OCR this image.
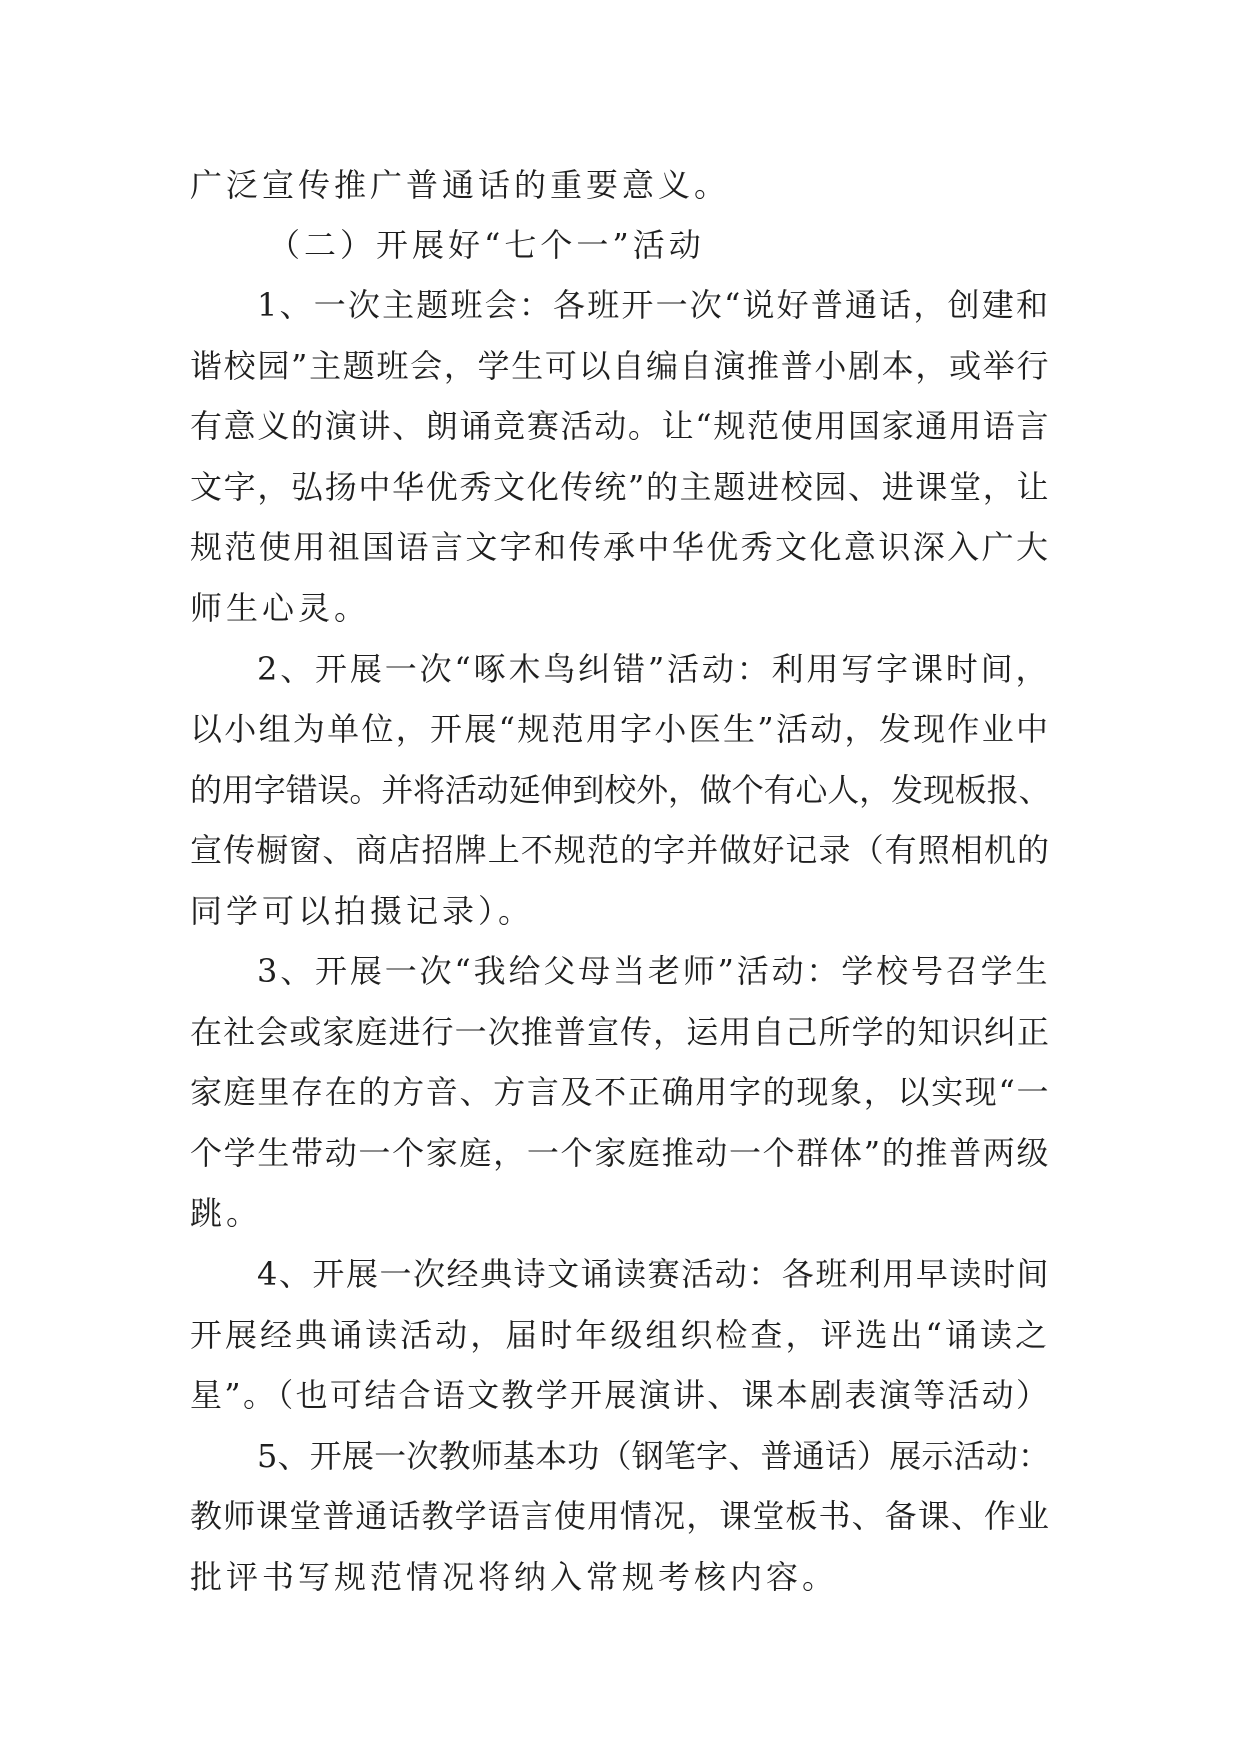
广泛宣传推广普通话的重要意义。

（二）开展好“七个一”活动

1、一次主题班会：各班开一次“说好普通话，创建和

谐校园”主题班会，学生可以自编自演推普小剧本，或举行

有意义的演讲、朗诵竞赛活动。让“规范使用国家通用语言

文字，弘扬中华优秀文化传统”的主题进校园、进课堂，让

规范使用祖国语言文字和传承中华优秀文化意识深入广大

师生心灵。

2、开展一次“啄木鸟纠错”活动：利用写字课时间，

以小组为单位，开展“规范用字小医生”活动，发现作业中

的用字错误。并将活动延伸到校外，做个有心人，发现板报、

宣传橱窗、商店招牌上不规范的字并做好记录（有照相机的

同学可以拍摄记录）。

3、开展一次“我给父母当老师”活动：学校号召学生

在社会或家庭进行一次推普宣传，运用自己所学的知识纠正

家庭里存在的方音、方言及不正确用字的现象，以实现“一

个学生带动一个家庭，一个家庭推动一个群体”的推普两级

跳。

4、开展一次经典诗文诵读赛活动：各班利用早读时间

开展经典诵读活动，届时年级组织检查，评选出“诵读之

星”。（也可结合语文教学开展演讲、课本剧表演等活动）

5、开展一次教师基本功（钢笔字、普通话）展示活动：

教师课堂普通话教学语言使用情况，课堂板书、备课、作业

批评书写规范情况将纳入常规考核内容。
